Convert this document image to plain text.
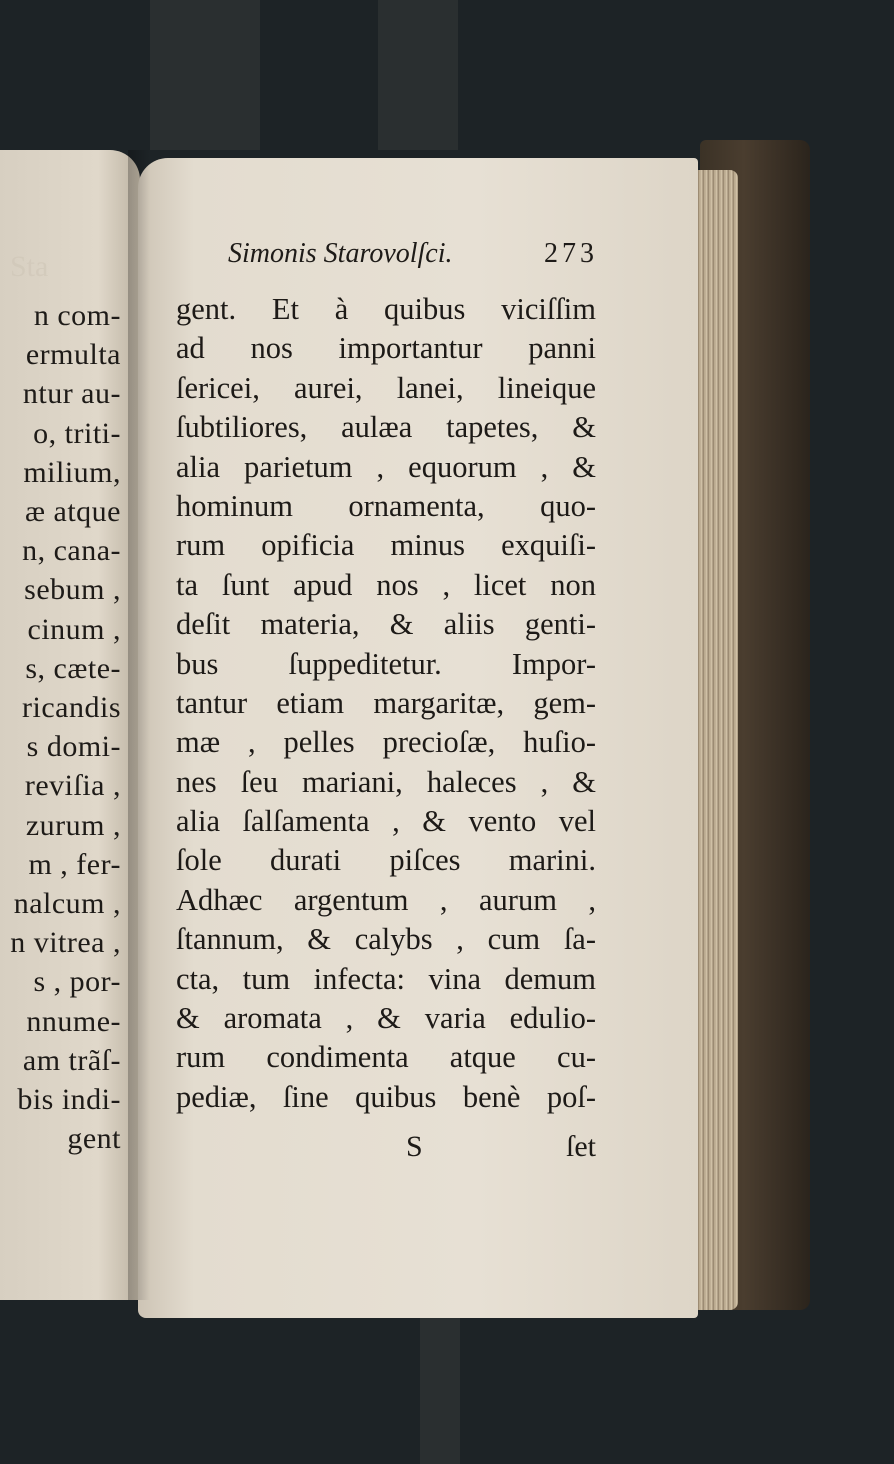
Sta
n com-
ermulta
ntur au-
o, triti-
milium,
æ atque
n, cana-
sebum ,
cinum ,
s, cæte-
ricandis
s domi-
reviſia ,
zurum ,
m , fer-
nalcum ,
n vitrea ,
s , por-
nnume-
am trãſ-
bis indi-
gent
Simonis Starovolſci.	273
gent. Et à quibus viciſſim
ad nos importantur panni
ſericei, aurei, lanei, lineique
ſubtiliores, aulæa tapetes, &
alia parietum , equorum , &
hominum ornamenta, quo-
rum opificia minus exquiſi-
ta ſunt apud nos , licet non
deſit materia, & aliis genti-
bus ſuppeditetur. Impor-
tantur etiam margaritæ, gem-
mæ , pelles precioſæ, huſio-
nes ſeu mariani, haleces , &
alia ſalſamenta , & vento vel
ſole durati piſces marini.
Adhæc argentum , aurum ,
ſtannum, & calybs , cum ſa-
cta, tum infecta: vina demum
& aromata , & varia edulio-
rum condimenta atque cu-
pediæ, ſine quibus benè poſ-
S	ſet
